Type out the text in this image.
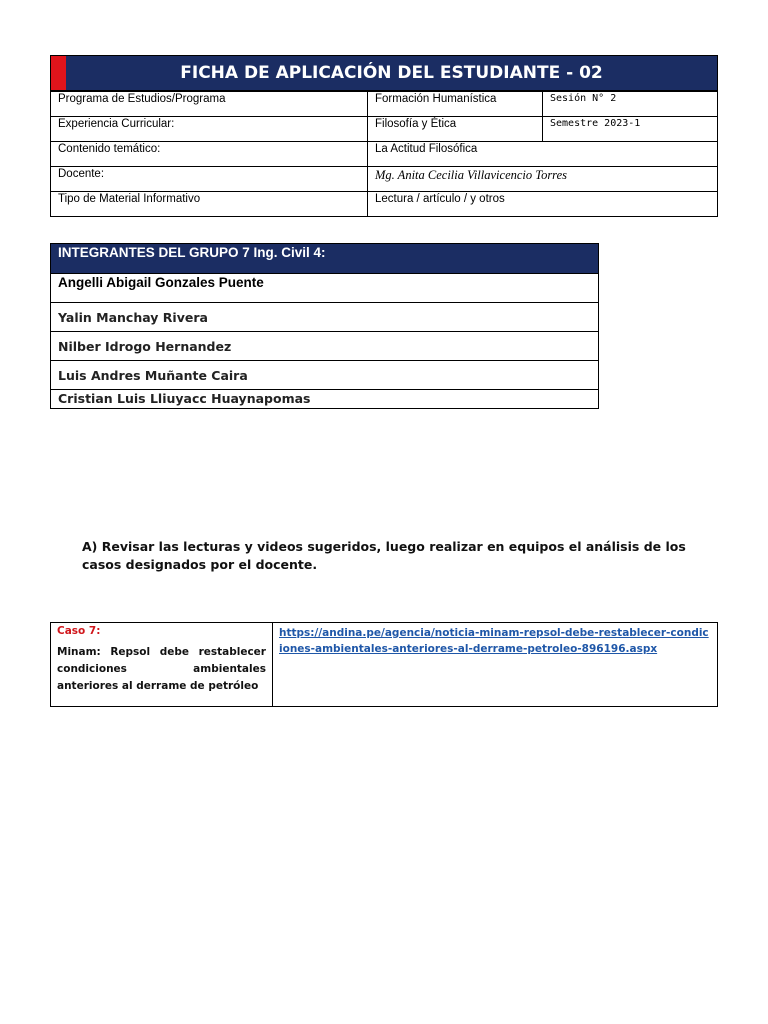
FICHA DE APLICACIÓN DEL ESTUDIANTE - 02
Programa de Estudios/Programa	Formación Humanística	Sesión N° 2
Experiencia Curricular:	Filosofía y Ética	Semestre 2023-1
Contenido temático:	La Actitud Filosófica	
Docente:	Mg. Anita Cecilia Villavicencio Torres	
Tipo de Material Informativo	Lectura / artículo / y otros	
INTEGRANTES DEL GRUPO 7 Ing. Civil 4:
Angelli Abigail Gonzales Puente
Yalin Manchay Rivera
Nilber Idrogo Hernandez
Luis Andres Muñante Caira
Cristian Luis Lliuyacc Huaynapomas
A) Revisar las lecturas y videos sugeridos, luego realizar en equipos el análisis de los casos designados por el docente.
Caso 7:
Minam: Repsol debe restablecer condiciones ambientales anteriores al derrame de petróleo
	https://andina.pe/agencia/noticia-minam-repsol-debe-restablecer-condiciones-ambientales-anteriores-al-derrame-petroleo-896196.aspx
